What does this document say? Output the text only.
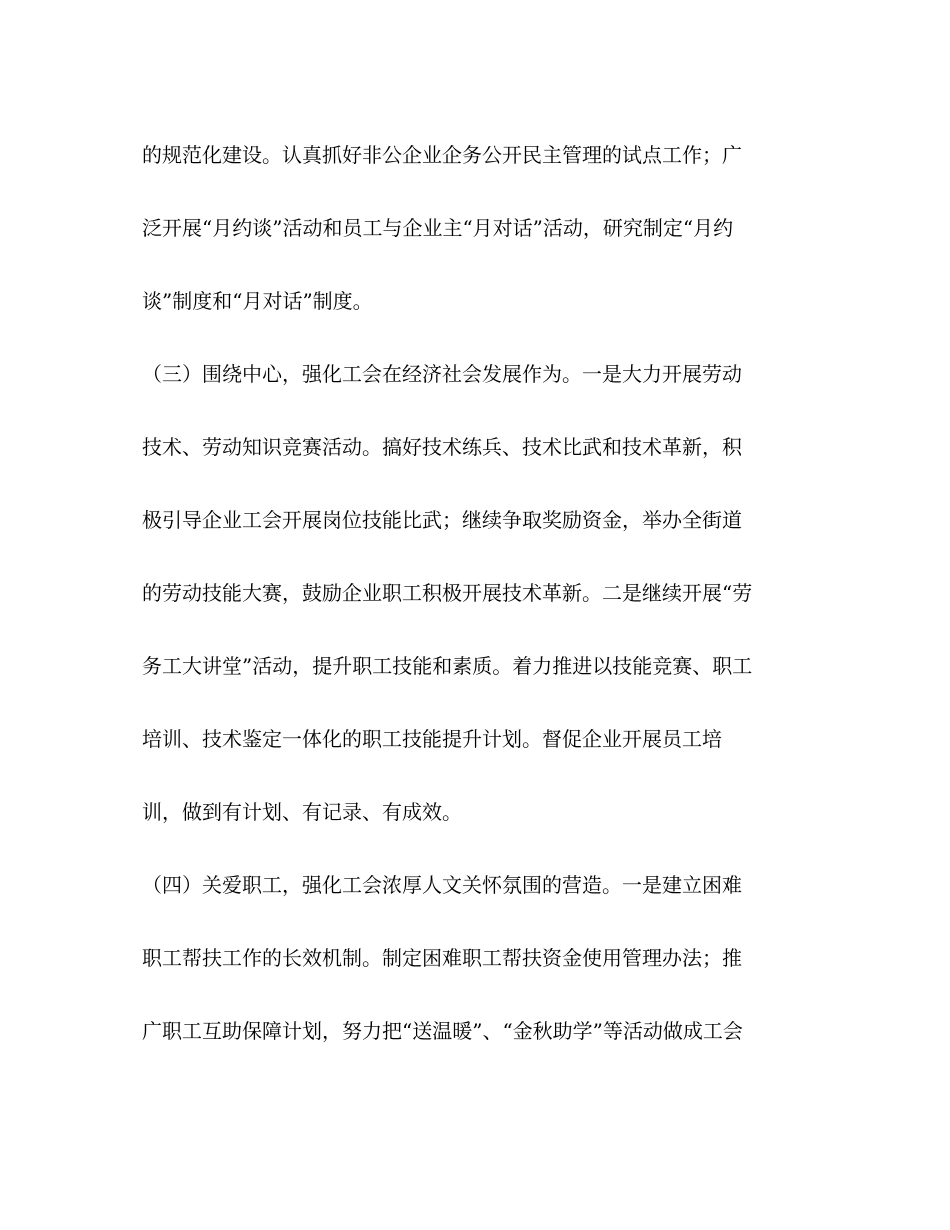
的规范化建设。认真抓好非公企业企务公开民主管理的试点工作；广
泛开展“月约谈”活动和员工与企业主“月对话”活动，研究制定“月约
谈”制度和“月对话”制度。
（三）围绕中心，强化工会在经济社会发展作为。一是大力开展劳动
技术、劳动知识竞赛活动。搞好技术练兵、技术比武和技术革新，积
极引导企业工会开展岗位技能比武；继续争取奖励资金，举办全街道
的劳动技能大赛，鼓励企业职工积极开展技术革新。二是继续开展“劳
务工大讲堂”活动，提升职工技能和素质。着力推进以技能竞赛、职工
培训、技术鉴定一体化的职工技能提升计划。督促企业开展员工培
训，做到有计划、有记录、有成效。
（四）关爱职工，强化工会浓厚人文关怀氛围的营造。一是建立困难
职工帮扶工作的长效机制。制定困难职工帮扶资金使用管理办法；推
广职工互助保障计划，努力把“送温暖”、“金秋助学”等活动做成工会
